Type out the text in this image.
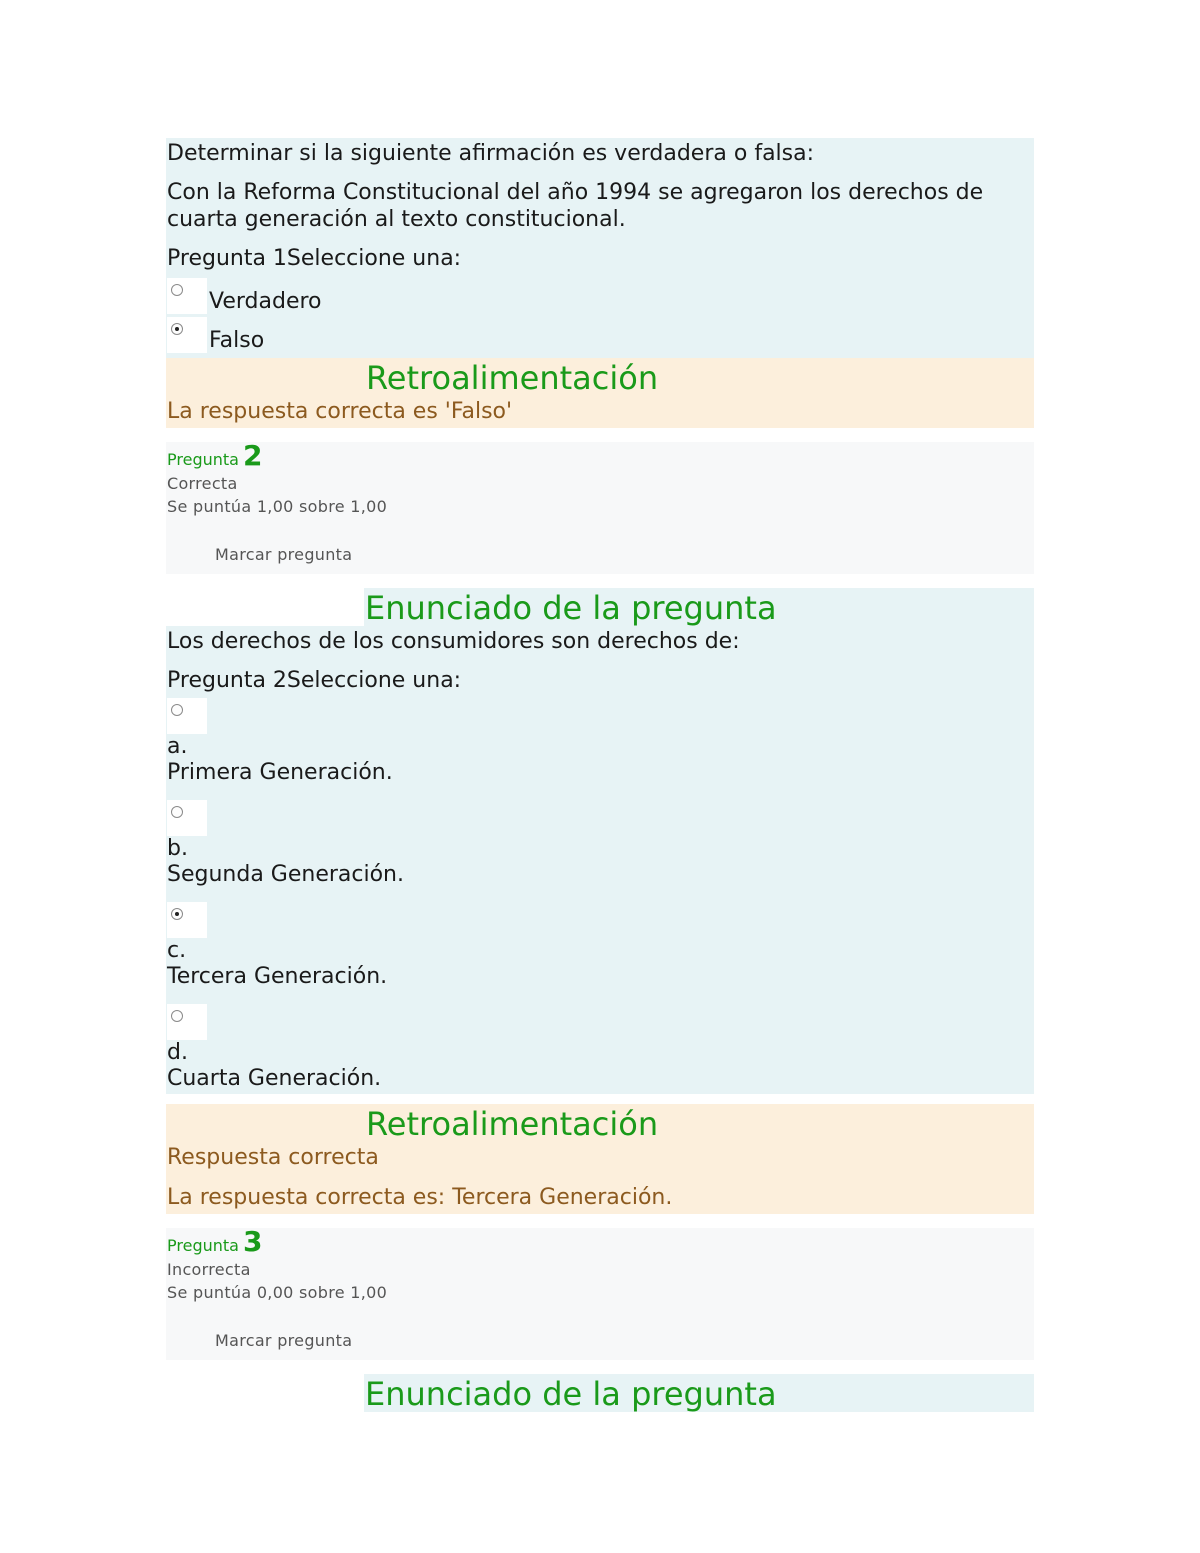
Determinar si la siguiente afirmación es verdadera o falsa:
Con la Reforma Constitucional del año 1994 se agregaron los derechos de cuarta generación al texto constitucional.
Pregunta 1Seleccione una:
Verdadero
Falso
Retroalimentación
La respuesta correcta es 'Falso'
Pregunta 2
Correcta
Se puntúa 1,00 sobre 1,00
Marcar pregunta
Enunciado de la pregunta
Los derechos de los consumidores son derechos de:
Pregunta 2Seleccione una:
a.
Primera Generación.
b.
Segunda Generación.
c.
Tercera Generación.
d.
Cuarta Generación.
Retroalimentación
Respuesta correcta
La respuesta correcta es: Tercera Generación.
Pregunta 3
Incorrecta
Se puntúa 0,00 sobre 1,00
Marcar pregunta
Enunciado de la pregunta
